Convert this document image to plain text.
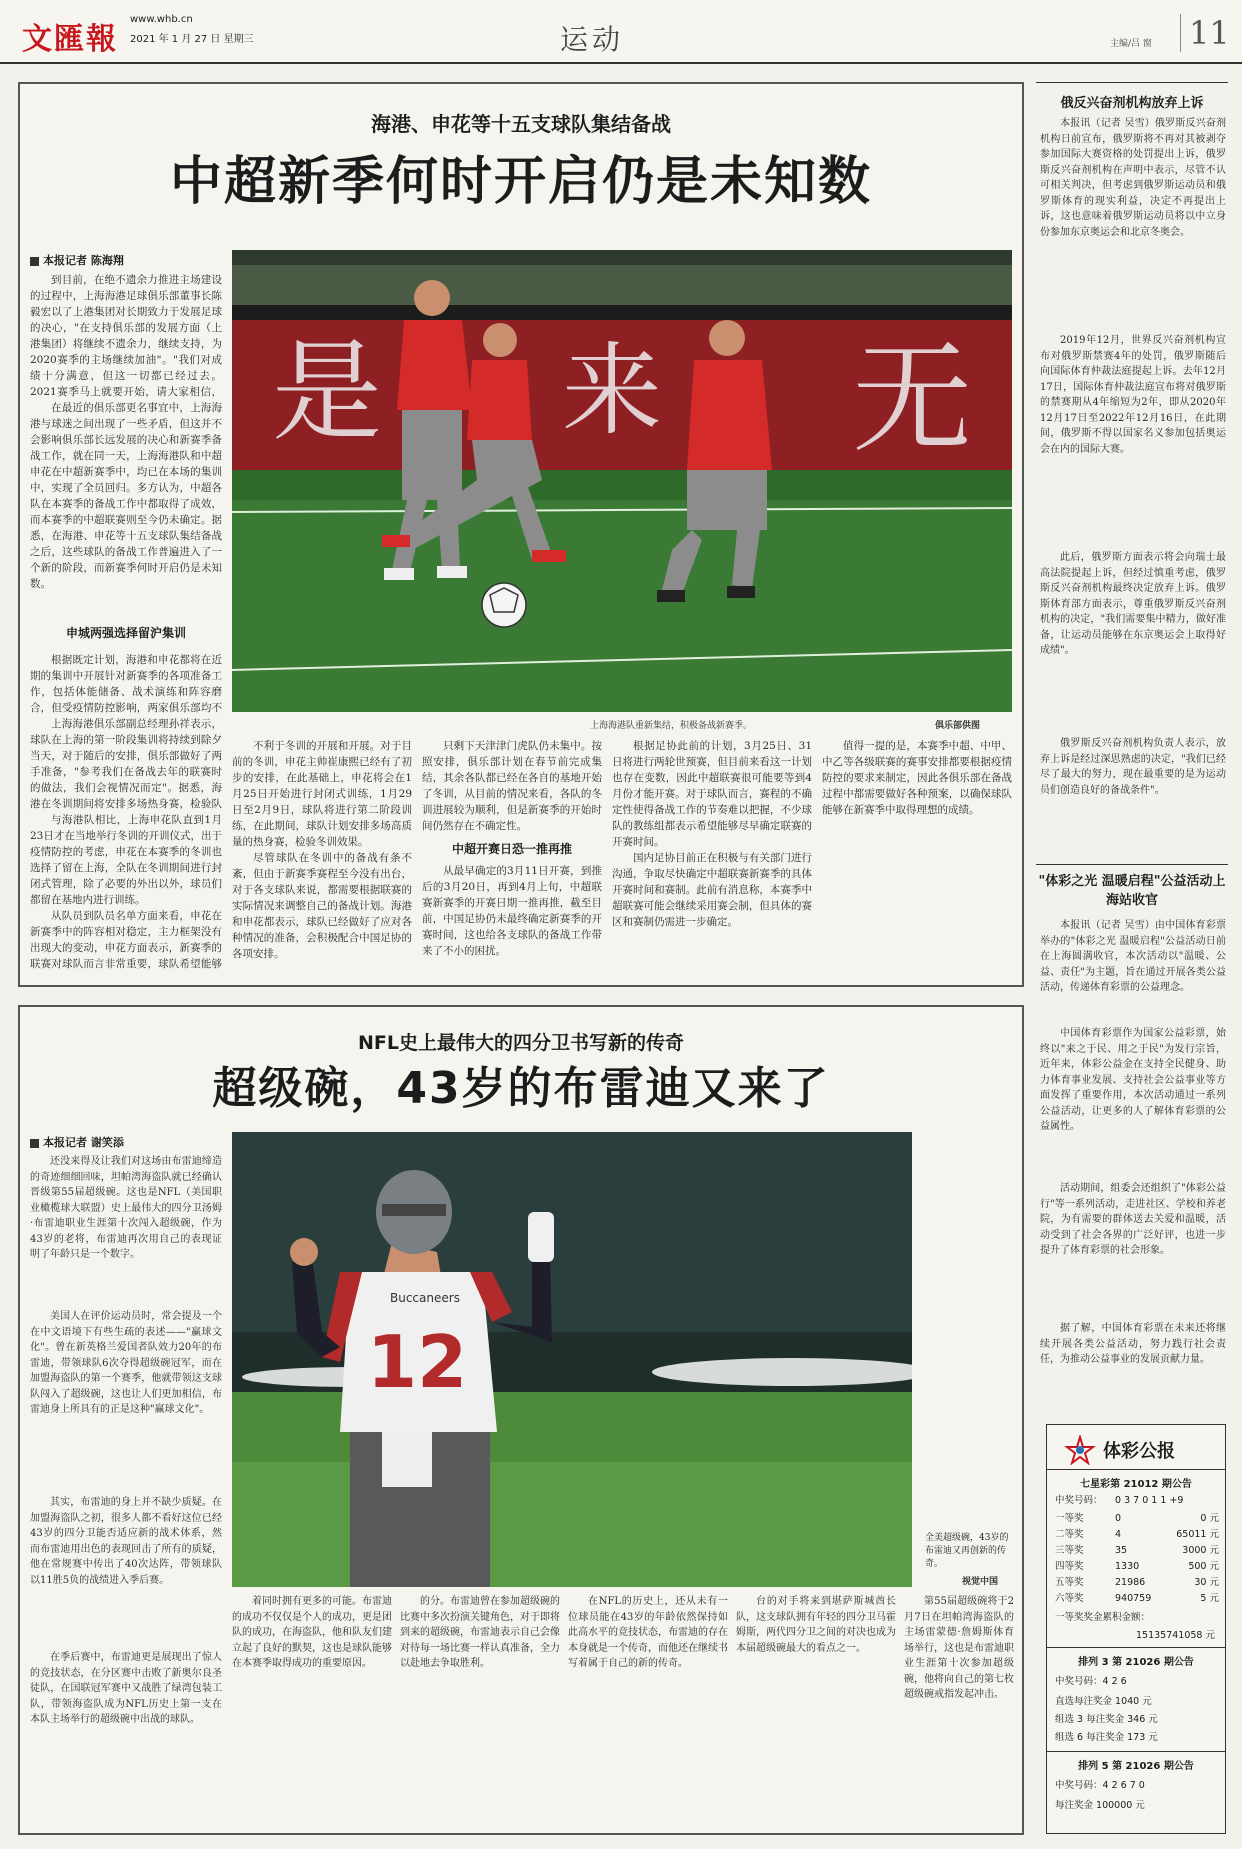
文匯報
www.whb.cn
2021 年 1 月 27 日 星期三	运动	主编/吕 窗 11
海港、申花等十五支球队集结备战
中超新季何时开启仍是未知数
本报记者 陈海翔

到目前，在绝不遗余力推进主场建设的过程中，上海海港足球俱乐部董事长陈毅宏以了上港集团对长期致力于发展足球的决心，"在支持俱乐部的发展方面（上港集团）将继续不遗余力，继续支持，为2020赛季的主场继续加油"。"我们对成绩十分满意，但这一切都已经过去。2021赛季马上就要开始，请大家相信，

在最近的俱乐部更名事宜中，上海海港与球迷之间出现了一些矛盾，但这并不会影响俱乐部长远发展的决心和新赛季备战工作，就在同一天，上海海港队和中超申花在中超新赛季中，均已在本场的集训中，实现了全员回归。多方认为，中超各队在本赛季的备战工作中都取得了成效，而本赛季的中超联赛则至今仍未确定。据悉，在海港、申花等十五支球队集结备战之后，这些球队的备战工作普遍进入了一个新的阶段，而新赛季何时开启仍是未知数。

申城两强选择留沪集训

根据既定计划，海港和申花都将在近期的集训中开展针对新赛季的各项准备工作，包括体能储备、战术演练和阵容磨合，但受疫情防控影响，两家俱乐部均不

上海海港俱乐部副总经理孙祥表示，球队在上海的第一阶段集训将持续到除夕当天，对于随后的安排，俱乐部做好了两手准备，"参考我们在备战去年的联赛时的做法，我们会视情况而定"。据悉，海港在冬训期间将安排多场热身赛，检验队

与海港队相比，上海申花队直到1月23日才在当地举行冬训的开训仪式，出于疫情防控的考虑，申花在本赛季的冬训也选择了留在上海，全队在冬训期间进行封闭式管理，除了必要的外出以外，球员们都留在基地内进行训练。

从队员到队员名单方面来看，申花在新赛季中的阵容相对稳定，主力框架没有出现大的变动，申花方面表示，新赛季的联赛对球队而言非常重要，球队希望能够

是 来 无
上海海港队重新集结，积极备战新赛季。	俱乐部供图

不利于冬训的开展和开展。对于目前的冬训，申花主帅崔康熙已经有了初步的安排，在此基础上，申花将会在1月25日开始进行封闭式训练，1月29日至2月9日，球队将进行第二阶段训练，在此期间，球队计划安排多场高质量的热身赛，检验冬训效果。

尽管球队在冬训中的备战有条不紊，但由于新赛季赛程至今没有出台，对于各支球队来说，都需要根据联赛的实际情况来调整自己的备战计划。海港和申花都表示，球队已经做好了应对各种情况的准备，会积极配合中国足协的各项安排。

只剩下天津津门虎队仍未集中。按照安排，俱乐部计划在春节前完成集结，其余各队都已经在各自的基地开始了冬训，从目前的情况来看，各队的冬训进展较为顺利，但是新赛季的开始时间仍然存在不确定性。

中超开赛日恐一推再推

从最早确定的3月11日开赛，到推后的3月20日，再到4月上旬，中超联赛新赛季的开赛日期一推再推，截至目前，中国足协仍未最终确定新赛季的开赛时间，这也给各支球队的备战工作带来了不小的困扰。

根据足协此前的计划，3月25日、31日将进行两轮世预赛，但目前来看这一计划也存在变数，因此中超联赛很可能要等到4月份才能开赛。对于球队而言，赛程的不确定性使得备战工作的节奏难以把握，不少球队的教练组都表示希望能够尽早确定联赛的开赛时间。

国内足协目前正在积极与有关部门进行沟通，争取尽快确定中超联赛新赛季的具体开赛时间和赛制。此前有消息称，本赛季中超联赛可能会继续采用赛会制，但具体的赛区和赛制仍需进一步确定。

值得一提的是，本赛季中超、中甲、中乙等各级联赛的赛事安排都要根据疫情防控的要求来制定，因此各俱乐部在备战过程中都需要做好各种预案，以确保球队能够在新赛季中取得理想的成绩。

NFL史上最伟大的四分卫书写新的传奇
超级碗，43岁的布雷迪又来了
本报记者 谢笑添

还没来得及让我们对这场由布雷迪缔造的奇迹细细回味，坦帕湾海盗队就已经确认晋级第55届超级碗。这也是NFL（美国职业橄榄球大联盟）史上最伟大的四分卫汤姆·布雷迪职业生涯第十次闯入超级碗，作为43岁的老将，布雷迪再次用自己的表现证明了年龄只是一个数字。

美国人在评价运动员时，常会提及一个在中文语境下有些生疏的表述——"赢球文化"。曾在新英格兰爱国者队效力20年的布雷迪，带领球队6次夺得超级碗冠军，而在加盟海盗队的第一个赛季，他就带领这支球队闯入了超级碗，这也让人们更加相信，布雷迪身上所具有的正是这种"赢球文化"。

其实，布雷迪的身上并不缺少质疑。在加盟海盗队之初，很多人都不看好这位已经43岁的四分卫能否适应新的战术体系，然而布雷迪用出色的表现回击了所有的质疑，他在常规赛中传出了40次达阵，带领球队以11胜5负的战绩进入季后赛。

在季后赛中，布雷迪更是展现出了惊人的竞技状态，在分区赛中击败了新奥尔良圣徒队，在国联冠军赛中又战胜了绿湾包装工队，带领海盗队成为NFL历史上第一支在本队主场举行的超级碗中出战的球队。

12
Buccaneers
全美超级碗，43岁的布雷迪又再创新的传奇。
视觉中国

着同时拥有更多的可能。布雷迪的成功不仅仅是个人的成功，更是团队的成功，在海盗队，他和队友们建立起了良好的默契，这也是球队能够在本赛季取得成功的重要原因。

的分。布雷迪曾在参加超级碗的比赛中多次扮演关键角色，对于即将到来的超级碗，布雷迪表示自己会像对待每一场比赛一样认真准备，全力以赴地去争取胜利。

在NFL的历史上，还从未有一位球员能在43岁的年龄依然保持如此高水平的竞技状态，布雷迪的存在本身就是一个传奇，而他还在继续书写着属于自己的新的传奇。

台的对手将来到堪萨斯城酋长队，这支球队拥有年轻的四分卫马霍姆斯，两代四分卫之间的对决也成为本届超级碗最大的看点之一。

第55届超级碗将于2月7日在坦帕湾海盗队的主场雷蒙德·詹姆斯体育场举行，这也是布雷迪职业生涯第十次参加超级碗，他将向自己的第七枚超级碗戒指发起冲击。

俄反兴奋剂机构放弃上诉

本报讯（记者 吴雪）俄罗斯反兴奋剂机构日前宣布，俄罗斯将不再对其被剥夺参加国际大赛资格的处罚提出上诉，俄罗斯反兴奋剂机构在声明中表示，尽管不认可相关判决，但考虑到俄罗斯运动员和俄罗斯体育的现实利益，决定不再提出上诉，这也意味着俄罗斯运动员将以中立身份参加东京奥运会和北京冬奥会。

2019年12月，世界反兴奋剂机构宣布对俄罗斯禁赛4年的处罚，俄罗斯随后向国际体育仲裁法庭提起上诉。去年12月17日，国际体育仲裁法庭宣布将对俄罗斯的禁赛期从4年缩短为2年，即从2020年12月17日至2022年12月16日，在此期间，俄罗斯不得以国家名义参加包括奥运会在内的国际大赛。

此后，俄罗斯方面表示将会向瑞士最高法院提起上诉，但经过慎重考虑，俄罗斯反兴奋剂机构最终决定放弃上诉。俄罗斯体育部方面表示，尊重俄罗斯反兴奋剂机构的决定，"我们需要集中精力，做好准备，让运动员能够在东京奥运会上取得好成绩"。

俄罗斯反兴奋剂机构负责人表示，放弃上诉是经过深思熟虑的决定，"我们已经尽了最大的努力，现在最重要的是为运动员们创造良好的备战条件"。

"体彩之光 温暖启程"公益活动上海站收官

本报讯（记者 吴雪）由中国体育彩票举办的"体彩之光 温暖启程"公益活动日前在上海圆满收官，本次活动以"温暖、公益、责任"为主题，旨在通过开展各类公益活动，传递体育彩票的公益理念。

中国体育彩票作为国家公益彩票，始终以"来之于民、用之于民"为发行宗旨，近年来，体彩公益金在支持全民健身、助力体育事业发展、支持社会公益事业等方面发挥了重要作用，本次活动通过一系列公益活动，让更多的人了解体育彩票的公益属性。

活动期间，组委会还组织了"体彩公益行"等一系列活动，走进社区、学校和养老院，为有需要的群体送去关爱和温暖，活动受到了社会各界的广泛好评，也进一步提升了体育彩票的社会形象。

据了解，中国体育彩票在未来还将继续开展各类公益活动，努力践行社会责任，为推动公益事业的发展贡献力量。

体彩公报
七星彩第 21012 期公告
中奖号码： 0 3 7 0 1 1 +9
一等奖	0	0 元
二等奖	4	65011 元
三等奖	35	3000 元
四等奖	1330	500 元
五等奖	21986	30 元
六等奖	940759	5 元
一等奖奖金累积金额：
15135741058 元
排列 3 第 21026 期公告
中奖号码：4 2 6
直选每注奖金 1040 元
组选 3 每注奖金 346 元
组选 6 每注奖金 173 元
排列 5 第 21026 期公告
中奖号码：4 2 6 7 0
每注奖金 100000 元
